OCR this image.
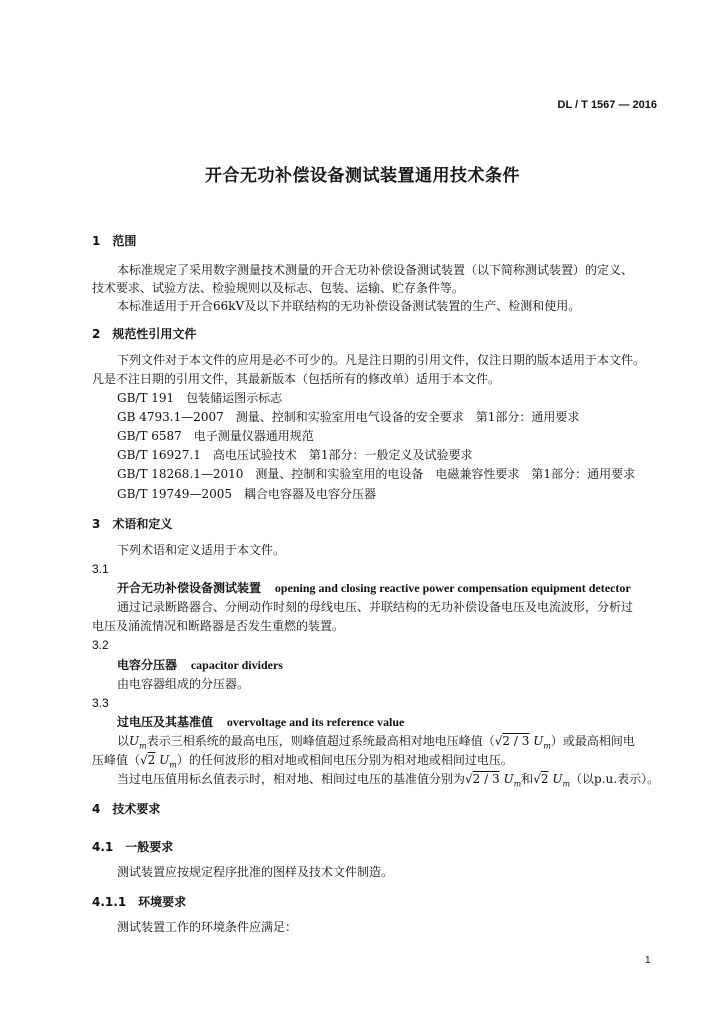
DL / T 1567 — 2016
开合无功补偿设备测试装置通用技术条件
1　范围
本标准规定了采用数字测量技术测量的开合无功补偿设备测试装置（以下简称测试装置）的定义、
技术要求、试验方法、检验规则以及标志、包装、运输、贮存条件等。
本标准适用于开合66kV及以下并联结构的无功补偿设备测试装置的生产、检测和使用。
2　规范性引用文件
下列文件对于本文件的应用是必不可少的。凡是注日期的引用文件，仅注日期的版本适用于本文件。
凡是不注日期的引用文件，其最新版本（包括所有的修改单）适用于本文件。
GB/T 191　包装储运图示标志
GB 4793.1—2007　测量、控制和实验室用电气设备的安全要求　第1部分：通用要求
GB/T 6587　电子测量仪器通用规范
GB/T 16927.1　高电压试验技术　第1部分：一般定义及试验要求
GB/T 18268.1—2010　测量、控制和实验室用的电设备　电磁兼容性要求　第1部分：通用要求
GB/T 19749—2005　耦合电容器及电容分压器
3　术语和定义
下列术语和定义适用于本文件。
3.1
开合无功补偿设备测试装置 opening and closing reactive power compensation equipment detector
通过记录断路器合、分闸动作时刻的母线电压、并联结构的无功补偿设备电压及电流波形，分析过
电压及涌流情况和断路器是否发生重燃的装置。
3.2
电容分压器 capacitor dividers
由电容器组成的分压器。
3.3
过电压及其基准值 overvoltage and its reference value
以$U_m$表示三相系统的最高电压，则峰值超过系统最高相对地电压峰值（√2 / 3 $U_m$）或最高相间电
压峰值（√2 $U_m$）的任何波形的相对地或相间电压分别为相对地或相间过电压。
当过电压值用标幺值表示时，相对地、相间过电压的基准值分别为√2 / 3 $U_m$和√2 $U_m$（以p.u.表示）。
4　技术要求
4.1　一般要求
测试装置应按规定程序批准的图样及技术文件制造。
4.1.1　环境要求
测试装置工作的环境条件应满足：
1
